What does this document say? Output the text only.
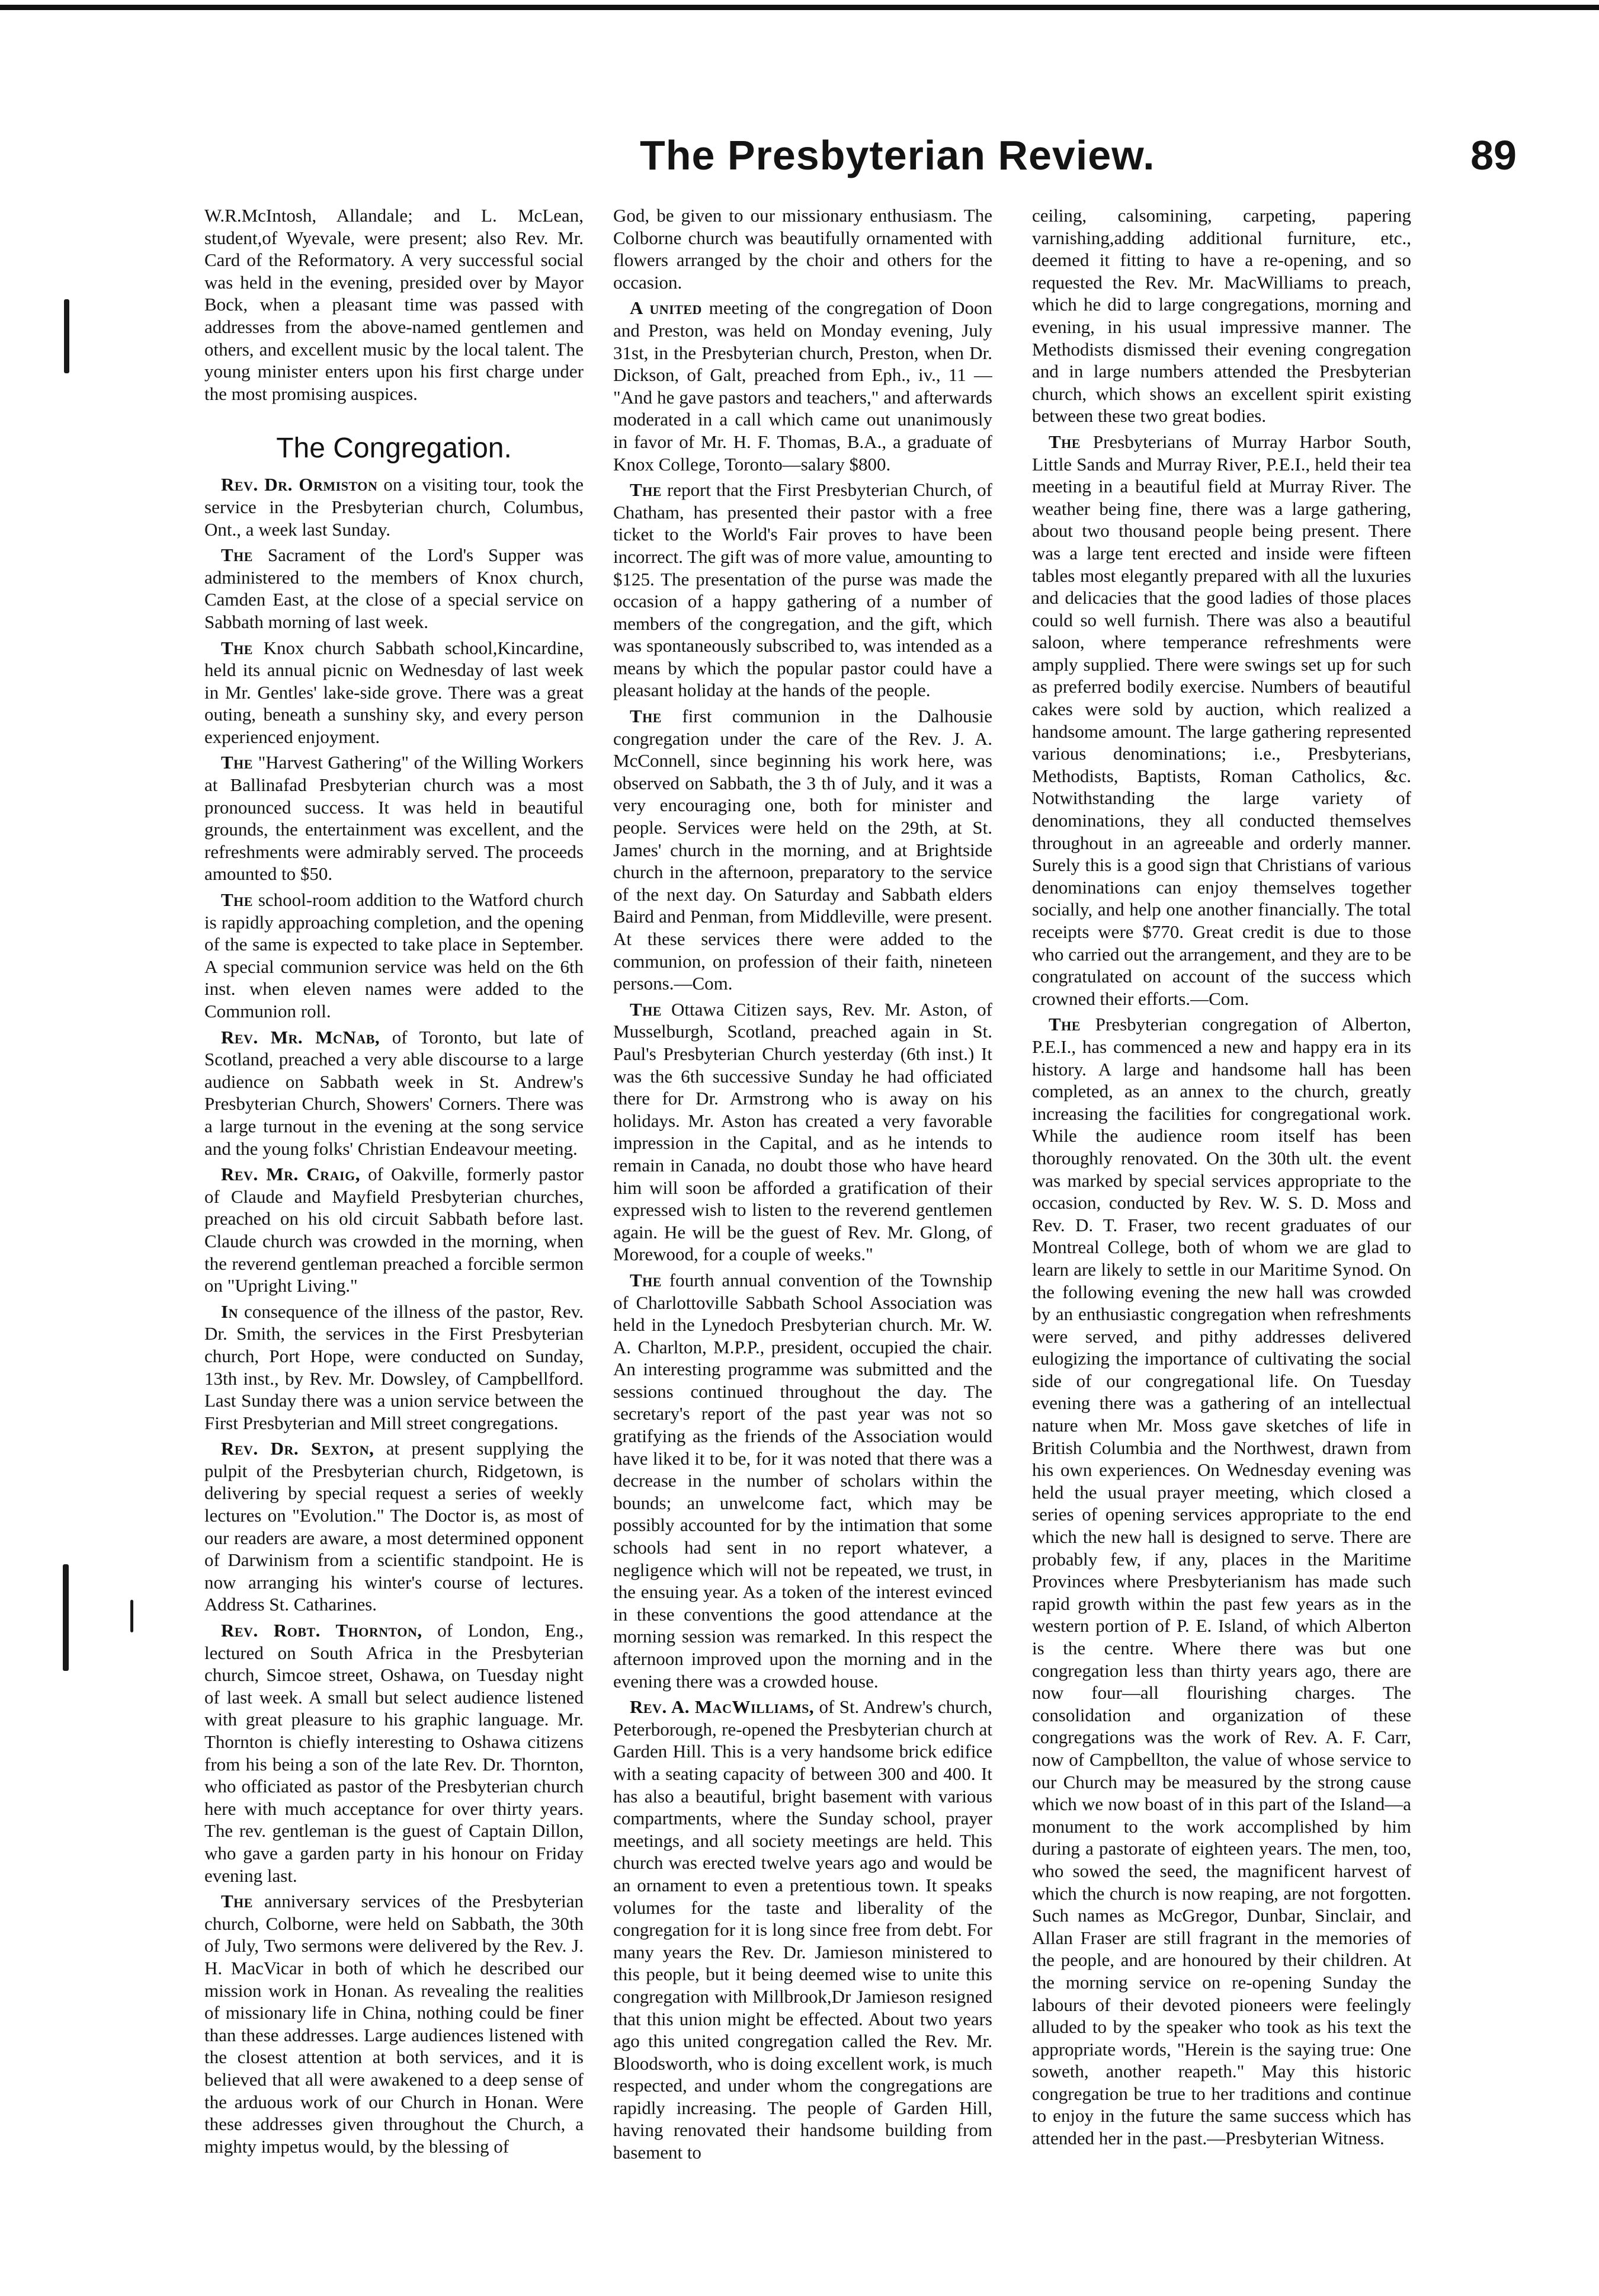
The Presbyterian Review.	89

W.R.McIntosh, Allandale; and L. McLean, student,of Wyevale, were present; also Rev. Mr. Card of the Reformatory. A very successful social was held in the evening, presided over by Mayor Bock, when a pleasant time was passed with addresses from the above-named gentlemen and others, and excellent music by the local talent. The young minister enters upon his first charge under the most promising auspices.

The Congregation.

Rev. Dr. Ormiston on a visiting tour, took the service in the Presbyterian church, Columbus, Ont., a week last Sunday.

The Sacrament of the Lord's Supper was administered to the members of Knox church, Camden East, at the close of a special service on Sabbath morning of last week.

The Knox church Sabbath school,Kincardine, held its annual picnic on Wednesday of last week in Mr. Gentles' lake-side grove. There was a great outing, beneath a sunshiny sky, and every person experienced enjoyment.

The "Harvest Gathering" of the Willing Workers at Ballinafad Presbyterian church was a most pronounced success. It was held in beautiful grounds, the entertainment was excellent, and the refreshments were admirably served. The proceeds amounted to $50.

The school-room addition to the Watford church is rapidly approaching completion, and the opening of the same is expected to take place in September. A special communion service was held on the 6th inst. when eleven names were added to the Communion roll.

Rev. Mr. McNab, of Toronto, but late of Scotland, preached a very able discourse to a large audience on Sabbath week in St. Andrew's Presbyterian Church, Showers' Corners. There was a large turnout in the evening at the song service and the young folks' Christian Endeavour meeting.

Rev. Mr. Craig, of Oakville, formerly pastor of Claude and Mayfield Presbyterian churches, preached on his old circuit Sabbath before last. Claude church was crowded in the morning, when the reverend gentleman preached a forcible sermon on "Upright Living."

In consequence of the illness of the pastor, Rev. Dr. Smith, the services in the First Presbyterian church, Port Hope, were conducted on Sunday, 13th inst., by Rev. Mr. Dowsley, of Campbellford. Last Sunday there was a union service between the First Presbyterian and Mill street congregations.

Rev. Dr. Sexton, at present supplying the pulpit of the Presbyterian church, Ridgetown, is delivering by special request a series of weekly lectures on "Evolution." The Doctor is, as most of our readers are aware, a most determined opponent of Darwinism from a scientific standpoint. He is now arranging his winter's course of lectures. Address St. Catharines.

Rev. Robt. Thornton, of London, Eng., lectured on South Africa in the Presbyterian church, Simcoe street, Oshawa, on Tuesday night of last week. A small but select audience listened with great pleasure to his graphic language. Mr. Thornton is chiefly interesting to Oshawa citizens from his being a son of the late Rev. Dr. Thornton, who officiated as pastor of the Presbyterian church here with much acceptance for over thirty years. The rev. gentleman is the guest of Captain Dillon, who gave a garden party in his honour on Friday evening last.

The anniversary services of the Presbyterian church, Colborne, were held on Sabbath, the 30th of July, Two sermons were delivered by the Rev. J. H. MacVicar in both of which he described our mission work in Honan. As revealing the realities of missionary life in China, nothing could be finer than these addresses. Large audiences listened with the closest attention at both services, and it is believed that all were awakened to a deep sense of the arduous work of our Church in Honan. Were these addresses given throughout the Church, a mighty impetus would, by the blessing of

God, be given to our missionary enthusiasm. The Colborne church was beautifully ornamented with flowers arranged by the choir and others for the occasion.

A united meeting of the congregation of Doon and Preston, was held on Monday evening, July 31st, in the Presbyterian church, Preston, when Dr. Dickson, of Galt, preached from Eph., iv., 11 — "And he gave pastors and teachers," and afterwards moderated in a call which came out unanimously in favor of Mr. H. F. Thomas, B.A., a graduate of Knox College, Toronto—salary $800.

The report that the First Presbyterian Church, of Chatham, has presented their pastor with a free ticket to the World's Fair proves to have been incorrect. The gift was of more value, amounting to $125. The presentation of the purse was made the occasion of a happy gathering of a number of members of the congregation, and the gift, which was spontaneously subscribed to, was intended as a means by which the popular pastor could have a pleasant holiday at the hands of the people.

The first communion in the Dalhousie congregation under the care of the Rev. J. A. McConnell, since beginning his work here, was observed on Sabbath, the 3 th of July, and it was a very encouraging one, both for minister and people. Services were held on the 29th, at St. James' church in the morning, and at Brightside church in the afternoon, preparatory to the service of the next day. On Saturday and Sabbath elders Baird and Penman, from Middleville, were present. At these services there were added to the communion, on profession of their faith, nineteen persons.—Com.

The Ottawa Citizen says, Rev. Mr. Aston, of Musselburgh, Scotland, preached again in St. Paul's Presbyterian Church yesterday (6th inst.) It was the 6th successive Sunday he had officiated there for Dr. Armstrong who is away on his holidays. Mr. Aston has created a very favorable impression in the Capital, and as he intends to remain in Canada, no doubt those who have heard him will soon be afforded a gratification of their expressed wish to listen to the reverend gentlemen again. He will be the guest of Rev. Mr. Glong, of Morewood, for a couple of weeks."

The fourth annual convention of the Township of Charlottoville Sabbath School Association was held in the Lynedoch Presbyterian church. Mr. W. A. Charlton, M.P.P., president, occupied the chair. An interesting programme was submitted and the sessions continued throughout the day. The secretary's report of the past year was not so gratifying as the friends of the Association would have liked it to be, for it was noted that there was a decrease in the number of scholars within the bounds; an unwelcome fact, which may be possibly accounted for by the intimation that some schools had sent in no report whatever, a negligence which will not be repeated, we trust, in the ensuing year. As a token of the interest evinced in these conventions the good attendance at the morning session was remarked. In this respect the afternoon improved upon the morning and in the evening there was a crowded house.

Rev. A. MacWilliams, of St. Andrew's church, Peterborough, re-opened the Presbyterian church at Garden Hill. This is a very handsome brick edifice with a seating capacity of between 300 and 400. It has also a beautiful, bright basement with various compartments, where the Sunday school, prayer meetings, and all society meetings are held. This church was erected twelve years ago and would be an ornament to even a pretentious town. It speaks volumes for the taste and liberality of the congregation for it is long since free from debt. For many years the Rev. Dr. Jamieson ministered to this people, but it being deemed wise to unite this congregation with Millbrook,Dr Jamieson resigned that this union might be effected. About two years ago this united congregation called the Rev. Mr. Bloodsworth, who is doing excellent work, is much respected, and under whom the congregations are rapidly increasing. The people of Garden Hill, having renovated their handsome building from basement to

ceiling, calsomining, carpeting, papering varnishing,adding additional furniture, etc., deemed it fitting to have a re-opening, and so requested the Rev. Mr. MacWilliams to preach, which he did to large congregations, morning and evening, in his usual impressive manner. The Methodists dismissed their evening congregation and in large numbers attended the Presbyterian church, which shows an excellent spirit existing between these two great bodies.

The Presbyterians of Murray Harbor South, Little Sands and Murray River, P.E.I., held their tea meeting in a beautiful field at Murray River. The weather being fine, there was a large gathering, about two thousand people being present. There was a large tent erected and inside were fifteen tables most elegantly prepared with all the luxuries and delicacies that the good ladies of those places could so well furnish. There was also a beautiful saloon, where temperance refreshments were amply supplied. There were swings set up for such as preferred bodily exercise. Numbers of beautiful cakes were sold by auction, which realized a handsome amount. The large gathering represented various denominations; i.e., Presbyterians, Methodists, Baptists, Roman Catholics, &c. Notwithstanding the large variety of denominations, they all conducted themselves throughout in an agreeable and orderly manner. Surely this is a good sign that Christians of various denominations can enjoy themselves together socially, and help one another financially. The total receipts were $770. Great credit is due to those who carried out the arrangement, and they are to be congratulated on account of the success which crowned their efforts.—Com.

The Presbyterian congregation of Alberton, P.E.I., has commenced a new and happy era in its history. A large and handsome hall has been completed, as an annex to the church, greatly increasing the facilities for congregational work. While the audience room itself has been thoroughly renovated. On the 30th ult. the event was marked by special services appropriate to the occasion, conducted by Rev. W. S. D. Moss and Rev. D. T. Fraser, two recent graduates of our Montreal College, both of whom we are glad to learn are likely to settle in our Maritime Synod. On the following evening the new hall was crowded by an enthusiastic congregation when refreshments were served, and pithy addresses delivered eulogizing the importance of cultivating the social side of our congregational life. On Tuesday evening there was a gathering of an intellectual nature when Mr. Moss gave sketches of life in British Columbia and the Northwest, drawn from his own experiences. On Wednesday evening was held the usual prayer meeting, which closed a series of opening services appropriate to the end which the new hall is designed to serve. There are probably few, if any, places in the Maritime Provinces where Presbyterianism has made such rapid growth within the past few years as in the western portion of P. E. Island, of which Alberton is the centre. Where there was but one congregation less than thirty years ago, there are now four—all flourishing charges. The consolidation and organization of these congregations was the work of Rev. A. F. Carr, now of Campbellton, the value of whose service to our Church may be measured by the strong cause which we now boast of in this part of the Island—a monument to the work accomplished by him during a pastorate of eighteen years. The men, too, who sowed the seed, the magnificent harvest of which the church is now reaping, are not forgotten. Such names as McGregor, Dunbar, Sinclair, and Allan Fraser are still fragrant in the memories of the people, and are honoured by their children. At the morning service on re-opening Sunday the labours of their devoted pioneers were feelingly alluded to by the speaker who took as his text the appropriate words, "Herein is the saying true: One soweth, another reapeth." May this historic congregation be true to her traditions and continue to enjoy in the future the same success which has attended her in the past.—Presbyterian Witness.
